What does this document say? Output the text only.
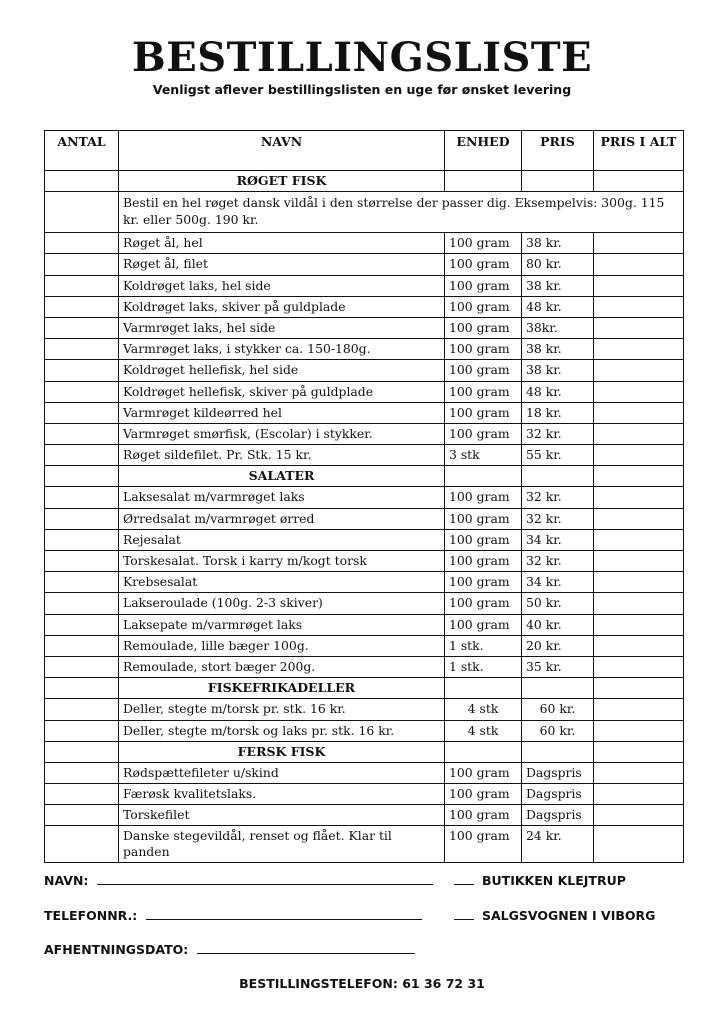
BESTILLINGSLISTE
Venligst aflever bestillingslisten en uge før ønsket levering
ANTAL	NAVN	ENHED	PRIS	PRIS I ALT
	RØGET FISK			
	Bestil en hel røget dansk vildål i den størrelse der passer dig. Eksempelvis: 300g. 115 kr. eller 500g. 190 kr.			
	Røget ål, hel	100 gram	38 kr.	
	Røget ål, filet	100 gram	80 kr.	
	Koldrøget laks, hel side	100 gram	38 kr.	
	Koldrøget laks, skiver på guldplade	100 gram	48 kr.	
	Varmrøget laks, hel side	100 gram	38kr.	
	Varmrøget laks, i stykker ca. 150-180g.	100 gram	38 kr.	
	Koldrøget hellefisk, hel side	100 gram	38 kr.	
	Koldrøget hellefisk, skiver på guldplade	100 gram	48 kr.	
	Varmrøget kildeørred hel	100 gram	18 kr.	
	Varmrøget smørfisk, (Escolar) i stykker.	100 gram	32 kr.	
	Røget sildefilet. Pr. Stk. 15 kr.	3 stk	55 kr.	
	SALATER			
	Laksesalat m/varmrøget laks	100 gram	32 kr.	
	Ørredsalat m/varmrøget ørred	100 gram	32 kr.	
	Rejesalat	100 gram	34 kr.	
	Torskesalat. Torsk i karry m/kogt torsk	100 gram	32 kr.	
	Krebsesalat	100 gram	34 kr.	
	Lakseroulade (100g. 2-3 skiver)	100 gram	50 kr.	
	Laksepate m/varmrøget laks	100 gram	40 kr.	
	Remoulade, lille bæger 100g.	1 stk.	20 kr.	
	Remoulade, stort bæger 200g.	1 stk.	35 kr.	
	FISKEFRIKADELLER			
	Deller, stegte m/torsk pr. stk. 16 kr.	4 stk	60 kr.	
	Deller, stegte m/torsk og laks pr. stk. 16 kr.	4 stk	60 kr.	
	FERSK FISK			
	Rødspættefileter u/skind	100 gram	Dagspris	
	Færøsk kvalitetslaks.	100 gram	Dagspris	
	Torskefilet	100 gram	Dagspris	
	Danske stegevildål, renset og flået. Klar til panden	100 gram	24 kr.	
NAVN:
TELEFONNR.:
AFHENTNINGSDATO:
BUTIKKEN KLEJTRUP
SALGSVOGNEN I VIBORG
BESTILLINGSTELEFON: 61 36 72 31
